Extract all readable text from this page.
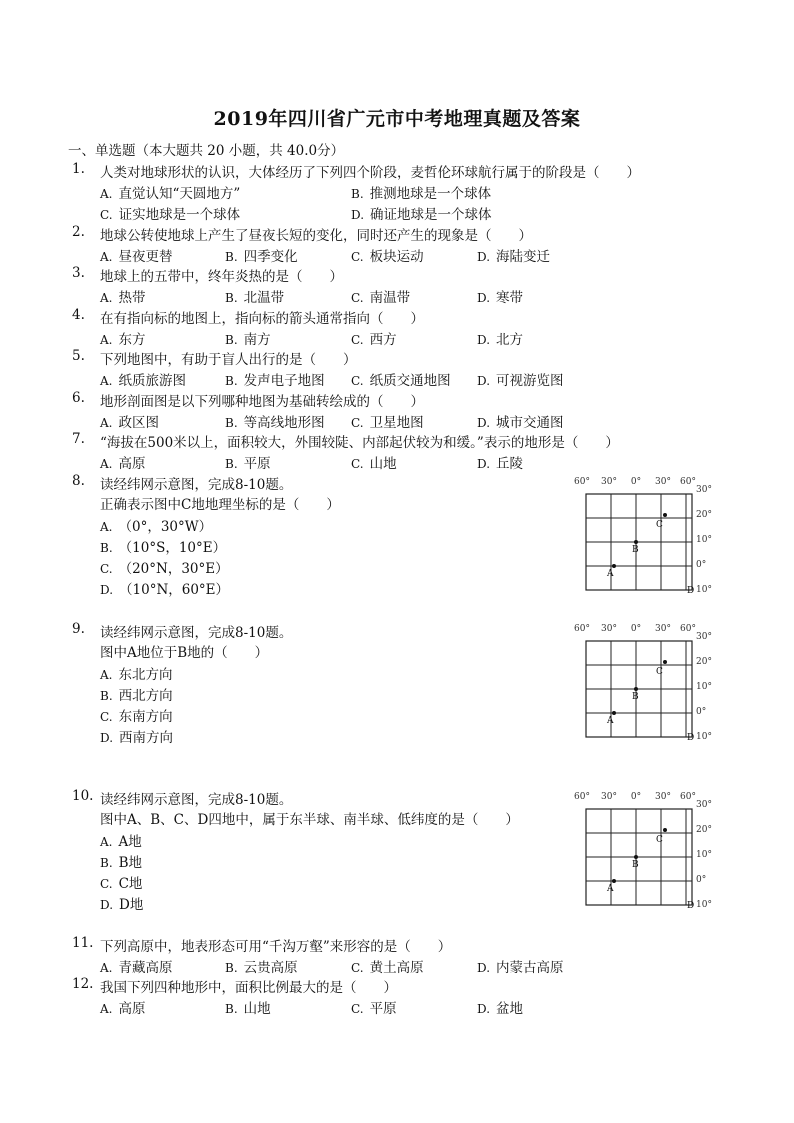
2019年四川省广元市中考地理真题及答案
一、单选题（本大题共 20 小题，共 40.0分）
1.	人类对地球形状的认识，大体经历了下列四个阶段，麦哲伦环球航行属于的阶段是（　　）
A. 直觉认知“天圆地方”	B. 推测地球是一个球体
C. 证实地球是一个球体	D. 确证地球是一个球体
2.	地球公转使地球上产生了昼夜长短的变化，同时还产生的现象是（　　）
A. 昼夜更替	B. 四季变化	C. 板块运动	D. 海陆变迁
3.	地球上的五带中，终年炎热的是（　　）
A. 热带	B. 北温带	C. 南温带	D. 寒带
4.	在有指向标的地图上，指向标的箭头通常指向（　　）
A. 东方	B. 南方	C. 西方	D. 北方
5.	下列地图中，有助于盲人出行的是（　　）
A. 纸质旅游图	B. 发声电子地图 C. 纸质交通地图 D. 可视游览图
6.	地形剖面图是以下列哪种地图为基础转绘成的（　　）
A. 政区图	B. 等高线地形图 C. 卫星地图	D. 城市交通图
7.	“海拔在500米以上，面积较大，外围较陡、内部起伏较为和缓。”表示的地形是（　　）
A. 高原	B. 平原	C. 山地	D. 丘陵
8.	读经纬网示意图，完成8-10题。
正确表示图中C地地理坐标的是（　　）
A. （0°，30°W）
B. （10°S，10°E）
C. （20°N，30°E）
D. （10°N，60°E）
9.	读经纬网示意图，完成8-10题。
图中A地位于B地的（　　）
A. 东北方向
B. 西北方向
C. 东南方向
D. 西南方向
10. 读经纬网示意图，完成8-10题。
图中A、B、C、D四地中，属于东半球、南半球、低纬度的是（　　）
A. A地
B. B地
C. C地
D. D地
11. 下列高原中，地表形态可用“千沟万壑”来形容的是（　　）
A. 青藏高原	B. 云贵高原	C. 黄土高原	D. 内蒙古高原
12. 我国下列四种地形中，面积比例最大的是（　　）
A. 高原	B. 山地	C. 平原	D. 盆地
60° 30° 0° 30° 60°
30°
20°
10°
0°
10°
A
B
C
D
60° 30° 0° 30° 60°
30°
20°
10°
0°
10°
A
B
C
D
60° 30° 0° 30° 60°
30°
20°
10°
0°
10°
A
B
C
D
